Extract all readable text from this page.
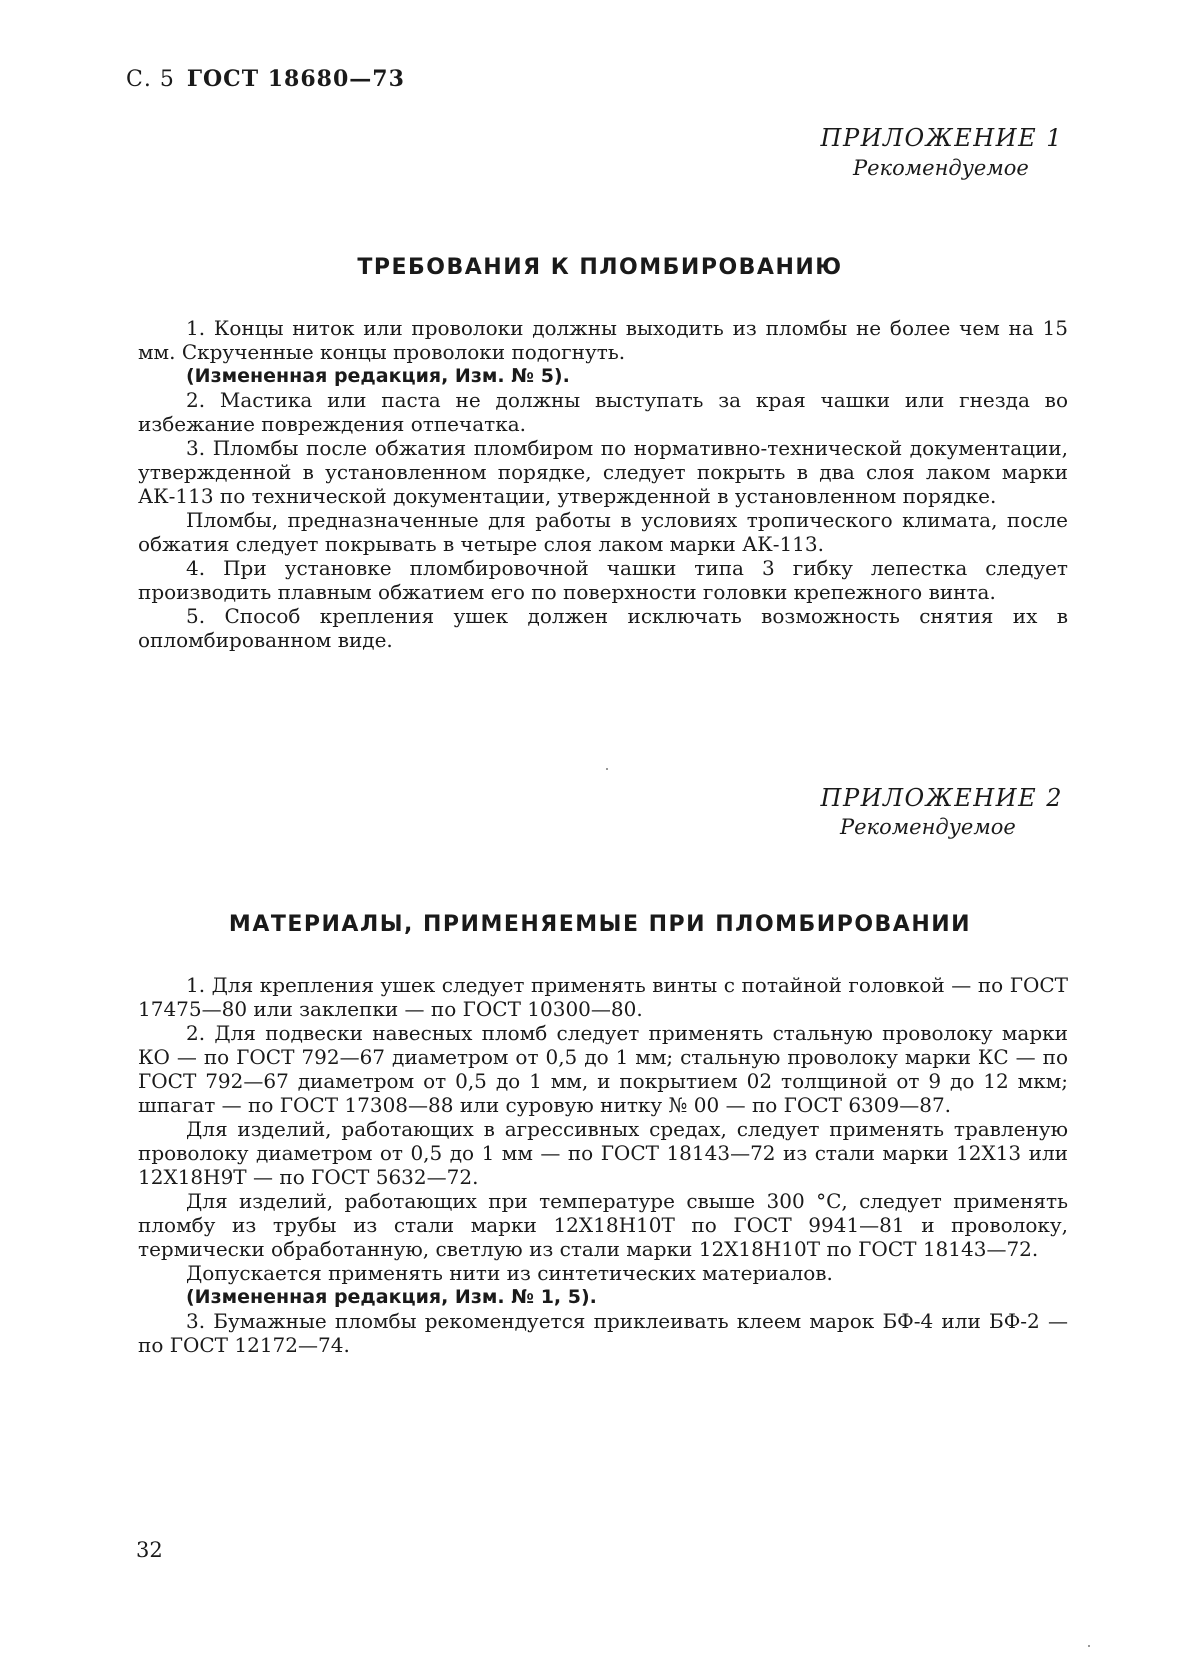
С. 5 ГОСТ 18680—73
ПРИЛОЖЕНИЕ 1
Рекомендуемое
ТРЕБОВАНИЯ К ПЛОМБИРОВАНИЮ

1. Концы ниток или проволоки должны выходить из пломбы не более чем на 15 мм. Скрученные концы проволоки подогнуть.

(Измененная редакция, Изм. № 5).

2. Мастика или паста не должны выступать за края чашки или гнезда во избежание повреждения отпечатка.

3. Пломбы после обжатия пломбиром по нормативно-технической документации, утвержденной в установленном порядке, следует покрыть в два слоя лаком марки АК-113 по технической документации, утвержденной в установленном порядке.

Пломбы, предназначенные для работы в условиях тропического климата, после обжатия следует покрывать в четыре слоя лаком марки АК-113.

4. При установке пломбировочной чашки типа 3 гибку лепестка следует производить плавным обжатием его по поверхности головки крепежного винта.

5. Способ крепления ушек должен исключать возможность снятия их в опломбированном виде.

ПРИЛОЖЕНИЕ 2
Рекомендуемое
МАТЕРИАЛЫ, ПРИМЕНЯЕМЫЕ ПРИ ПЛОМБИРОВАНИИ

1. Для крепления ушек следует применять винты с потайной головкой — по ГОСТ 17475—80 или заклепки — по ГОСТ 10300—80.

2. Для подвески навесных пломб следует применять стальную проволоку марки КО — по ГОСТ 792—67 диаметром от 0,5 до 1 мм; стальную проволоку марки КС — по ГОСТ 792—67 диаметром от 0,5 до 1 мм, и покрытием 02 толщиной от 9 до 12 мкм; шпагат — по ГОСТ 17308—88 или суровую нитку № 00 — по ГОСТ 6309—87.

Для изделий, работающих в агрессивных средах, следует применять травленую проволоку диаметром от 0,5 до 1 мм — по ГОСТ 18143—72 из стали марки 12Х13 или 12Х18Н9Т — по ГОСТ 5632—72.

Для изделий, работающих при температуре свыше 300 °С, следует применять пломбу из трубы из стали марки 12Х18Н10Т по ГОСТ 9941—81 и проволоку, термически обработанную, светлую из стали марки 12Х18Н10Т по ГОСТ 18143—72.

Допускается применять нити из синтетических материалов.

(Измененная редакция, Изм. № 1, 5).

3. Бумажные пломбы рекомендуется приклеивать клеем марок БФ-4 или БФ-2 — по ГОСТ 12172—74.

32
